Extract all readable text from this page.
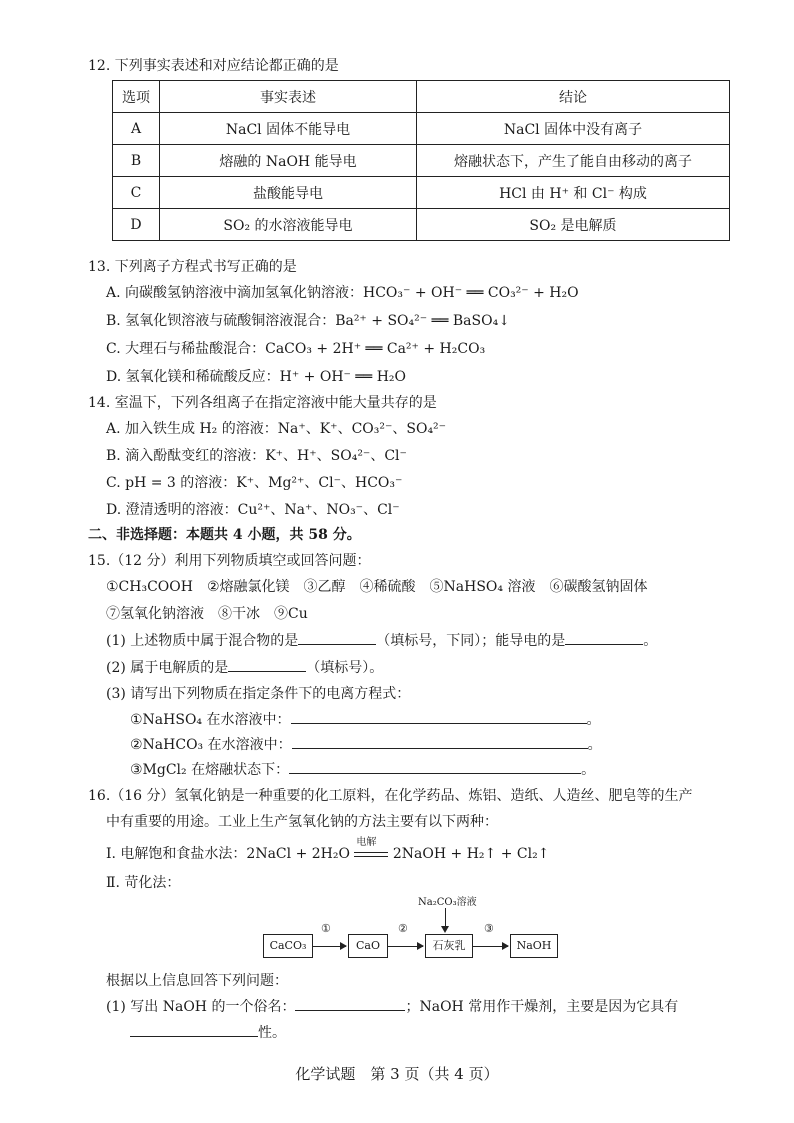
12. 下列事实表述和对应结论都正确的是
选项	事实表述	结论
A	NaCl 固体不能导电	NaCl 固体中没有离子
B	熔融的 NaOH 能导电	熔融状态下，产生了能自由移动的离子
C	盐酸能导电	HCl 由 H⁺ 和 Cl⁻ 构成
D	SO₂ 的水溶液能导电	SO₂ 是电解质
13. 下列离子方程式书写正确的是
A. 向碳酸氢钠溶液中滴加氢氧化钠溶液：HCO₃⁻ + OH⁻ ══ CO₃²⁻ + H₂O
B. 氢氧化钡溶液与硫酸铜溶液混合：Ba²⁺ + SO₄²⁻ ══ BaSO₄↓
C. 大理石与稀盐酸混合：CaCO₃ + 2H⁺ ══ Ca²⁺ + H₂CO₃
D. 氢氧化镁和稀硫酸反应：H⁺ + OH⁻ ══ H₂O
14. 室温下，下列各组离子在指定溶液中能大量共存的是
A. 加入铁生成 H₂ 的溶液：Na⁺、K⁺、CO₃²⁻、SO₄²⁻
B. 滴入酚酞变红的溶液：K⁺、H⁺、SO₄²⁻、Cl⁻
C. pH = 3 的溶液：K⁺、Mg²⁺、Cl⁻、HCO₃⁻
D. 澄清透明的溶液：Cu²⁺、Na⁺、NO₃⁻、Cl⁻
二、非选择题：本题共 4 小题，共 58 分。
15.（12 分）利用下列物质填空或回答问题：
①CH₃COOH　②熔融氯化镁　③乙醇　④稀硫酸　⑤NaHSO₄ 溶液　⑥碳酸氢钠固体
⑦氢氧化钠溶液　⑧干冰　⑨Cu
(1) 上述物质中属于混合物的是	（填标号，下同）；能导电的是	。
(2) 属于电解质的是	（填标号）。
(3) 请写出下列物质在指定条件下的电离方程式：
①NaHSO₄ 在水溶液中：	。
②NaHCO₃ 在水溶液中：	。
③MgCl₂ 在熔融状态下：	。
16.（16 分）氢氧化钠是一种重要的化工原料，在化学药品、炼铝、造纸、人造丝、肥皂等的生产
中有重要的用途。工业上生产氢氧化钠的方法主要有以下两种：
Ⅰ. 电解饱和食盐水法：2NaCl + 2H₂O
电解
2NaOH + H₂↑ + Cl₂↑
Ⅱ. 苛化法：
Na₂CO₃溶液
CaCO₃
①
CaO
②
石灰乳
③
NaOH
根据以上信息回答下列问题：
(1) 写出 NaOH 的一个俗名：	；NaOH 常用作干燥剂，主要是因为它具有
性。
化学试题　第 3 页（共 4 页）
